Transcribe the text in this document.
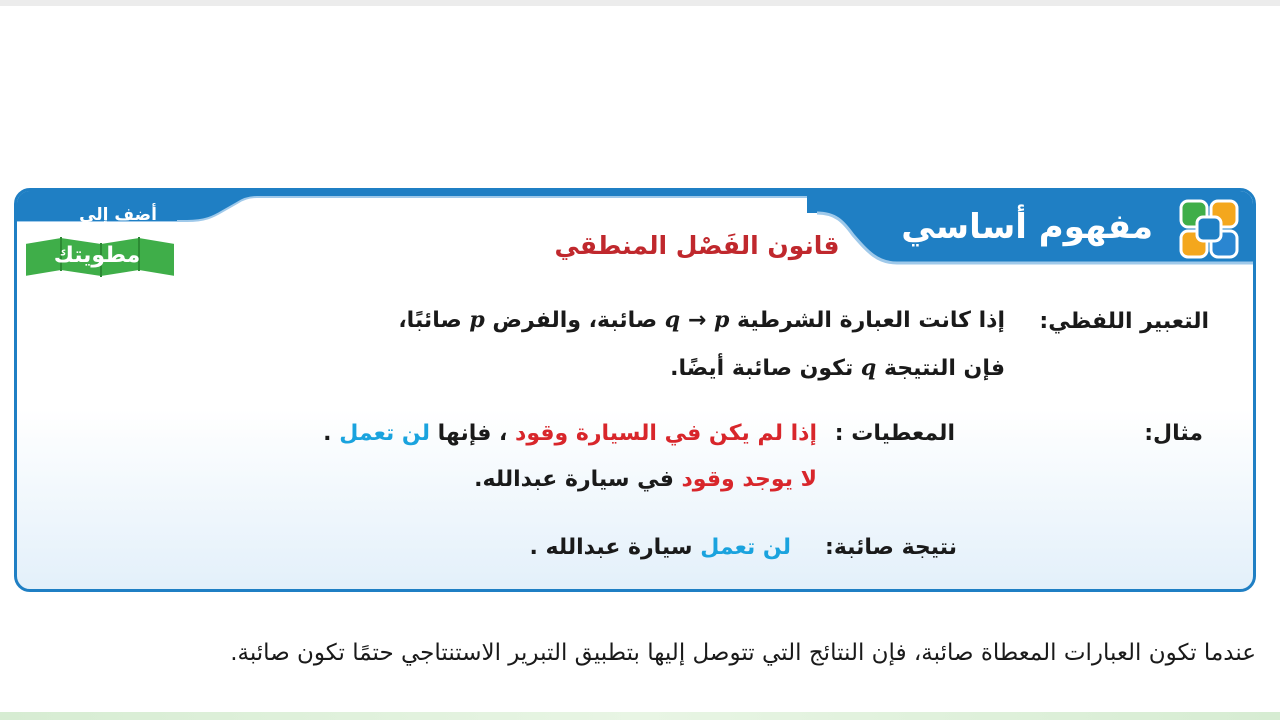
مفهوم أساسي
أضف إلى
مطويتك	قانون الفَصْل المنطقي
التعبير اللفظي:
إذا كانت العبارة الشرطية q → p صائبة، والفرض p صائبًا،
فإن النتيجة q تكون صائبة أيضًا.
مثال:
المعطيات :
إذا لم يكن في السيارة وقود ، فإنها لن تعمل .
لا يوجد وقود في سيارة عبدالله.
نتيجة صائبة:
لن تعمل سيارة عبدالله .
عندما تكون العبارات المعطاة صائبة، فإن النتائج التي تتوصل إليها بتطبيق التبرير الاستنتاجي حتمًا تكون صائبة.
